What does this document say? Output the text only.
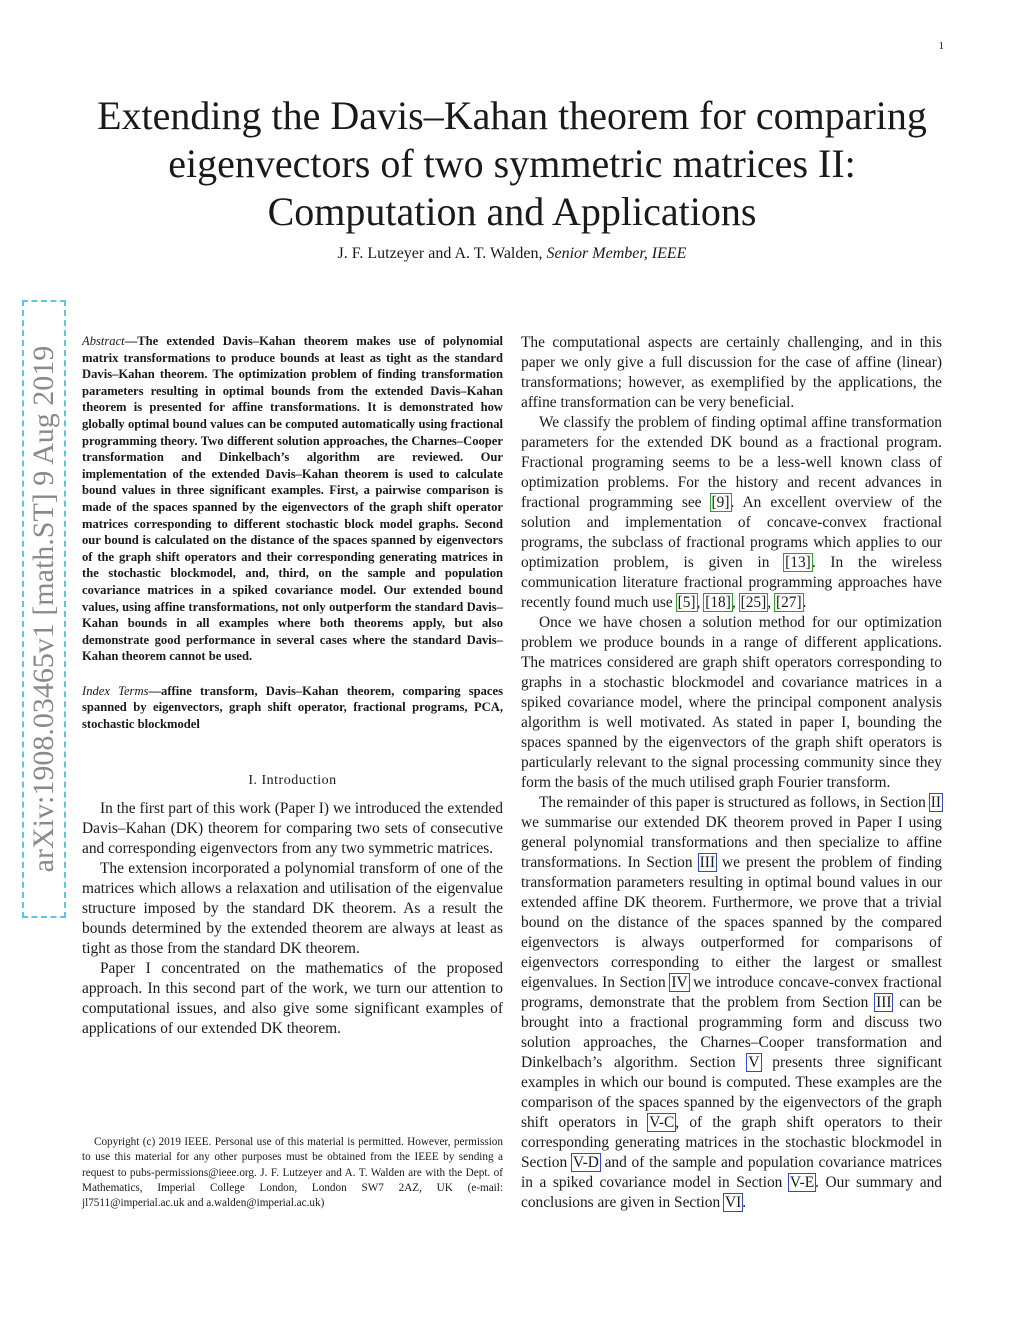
1
Extending the Davis–Kahan theorem for comparing eigenvectors of two symmetric matrices II: Computation and Applications
J. F. Lutzeyer and A. T. Walden, Senior Member, IEEE
arXiv:1908.03465v1 [math.ST] 9 Aug 2019

Abstract—The extended Davis–Kahan theorem makes use of polynomial matrix transformations to produce bounds at least as tight as the standard Davis–Kahan theorem. The optimization problem of finding transformation parameters resulting in optimal bounds from the extended Davis–Kahan theorem is presented for affine transformations. It is demonstrated how globally optimal bound values can be computed automatically using fractional programming theory. Two different solution approaches, the Charnes–Cooper transformation and Dinkelbach’s algorithm are reviewed. Our implementation of the extended Davis–Kahan theorem is used to calculate bound values in three significant examples. First, a pairwise comparison is made of the spaces spanned by the eigenvectors of the graph shift operator matrices corresponding to different stochastic block model graphs. Second our bound is calculated on the distance of the spaces spanned by eigenvectors of the graph shift operators and their corresponding generating matrices in the stochastic blockmodel, and, third, on the sample and population covariance matrices in a spiked covariance model. Our extended bound values, using affine transformations, not only outperform the standard Davis–Kahan bounds in all examples where both theorems apply, but also demonstrate good performance in several cases where the standard Davis–Kahan theorem cannot be used.

Index Terms—affine transform, Davis–Kahan theorem, comparing spaces spanned by eigenvectors, graph shift operator, fractional programs, PCA, stochastic blockmodel

I. Introduction

In the first part of this work (Paper I) we introduced the extended Davis–Kahan (DK) theorem for comparing two sets of consecutive and corresponding eigenvectors from any two symmetric matrices.

The extension incorporated a polynomial transform of one of the matrices which allows a relaxation and utilisation of the eigenvalue structure imposed by the standard DK theorem. As a result the bounds determined by the extended theorem are always at least as tight as those from the standard DK theorem.

Paper I concentrated on the mathematics of the proposed approach. In this second part of the work, we turn our attention to computational issues, and also give some significant examples of applications of our extended DK theorem.

Copyright (c) 2019 IEEE. Personal use of this material is permitted. However, permission to use this material for any other purposes must be obtained from the IEEE by sending a request to pubs-permissions@ieee.org. J. F. Lutzeyer and A. T. Walden are with the Dept. of Mathematics, Imperial College London, London SW7 2AZ, UK (e-mail: jl7511@imperial.ac.uk and a.walden@imperial.ac.uk)

The computational aspects are certainly challenging, and in this paper we only give a full discussion for the case of affine (linear) transformations; however, as exemplified by the applications, the affine transformation can be very beneficial.

We classify the problem of finding optimal affine transformation parameters for the extended DK bound as a fractional program. Fractional programing seems to be a less-well known class of optimization problems. For the history and recent advances in fractional programming see [9]. An excellent overview of the solution and implementation of concave-convex fractional programs, the subclass of fractional programs which applies to our optimization problem, is given in [13]. In the wireless communication literature fractional programming approaches have recently found much use [5], [18], [25], [27].

Once we have chosen a solution method for our optimization problem we produce bounds in a range of different applications. The matrices considered are graph shift operators corresponding to graphs in a stochastic blockmodel and covariance matrices in a spiked covariance model, where the principal component analysis algorithm is well motivated. As stated in paper I, bounding the spaces spanned by the eigenvectors of the graph shift operators is particularly relevant to the signal processing community since they form the basis of the much utilised graph Fourier transform.

The remainder of this paper is structured as follows, in Section II we summarise our extended DK theorem proved in Paper I using general polynomial transformations and then specialize to affine transformations. In Section III we present the problem of finding transformation parameters resulting in optimal bound values in our extended affine DK theorem. Furthermore, we prove that a trivial bound on the distance of the spaces spanned by the compared eigenvectors is always outperformed for comparisons of eigenvectors corresponding to either the largest or smallest eigenvalues. In Section IV we introduce concave-convex fractional programs, demonstrate that the problem from Section III can be brought into a fractional programming form and discuss two solution approaches, the Charnes–Cooper transformation and Dinkelbach’s algorithm. Section V presents three significant examples in which our bound is computed. These examples are the comparison of the spaces spanned by the eigenvectors of the graph shift operators in V-C, of the graph shift operators to their corresponding generating matrices in the stochastic blockmodel in Section V-D and of the sample and population covariance matrices in a spiked covariance model in Section V-E. Our summary and conclusions are given in Section VI.
